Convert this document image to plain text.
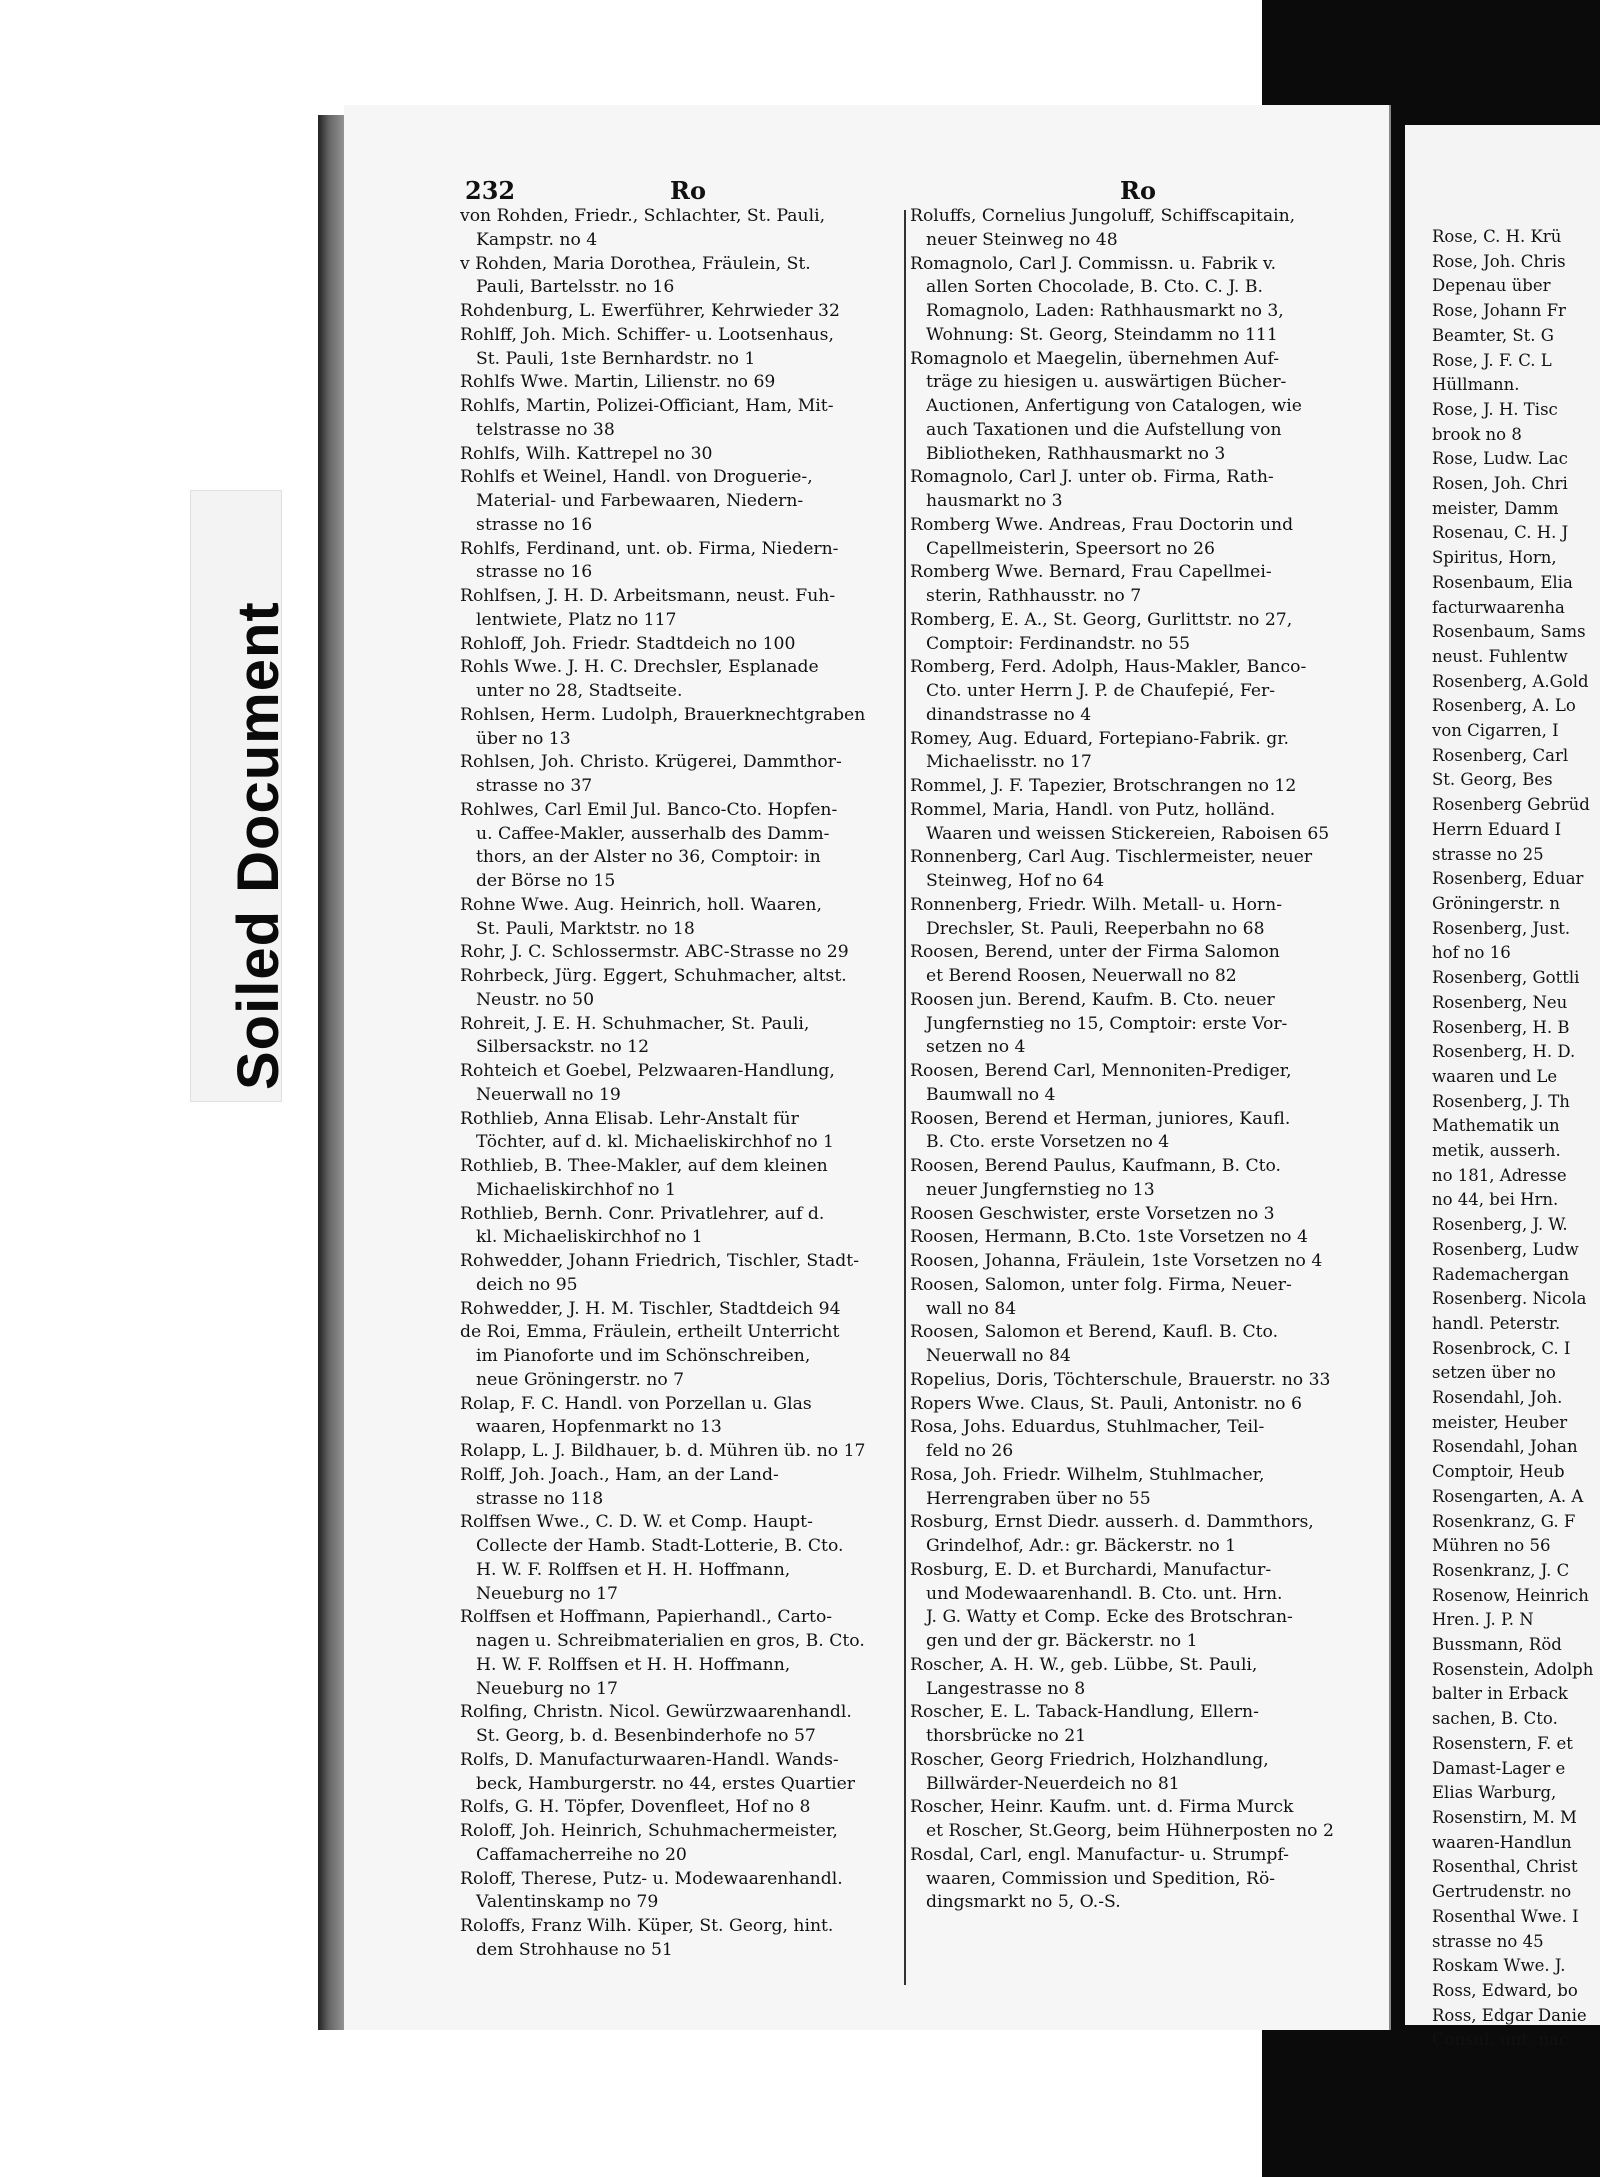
Soiled Document
232	Ro	Ro
von Rohden, Friedr., Schlachter, St. Pauli,
Kampstr. no 4
v Rohden, Maria Dorothea, Fräulein, St.
Pauli, Bartelsstr. no 16
Rohdenburg, L. Ewerführer, Kehrwieder 32
Rohlff, Joh. Mich. Schiffer- u. Lootsenhaus,
St. Pauli, 1ste Bernhardstr. no 1
Rohlfs Wwe. Martin, Lilienstr. no 69
Rohlfs, Martin, Polizei-Officiant, Ham, Mit-
telstrasse no 38
Rohlfs, Wilh. Kattrepel no 30
Rohlfs et Weinel, Handl. von Droguerie-,
Material- und Farbewaaren, Niedern-
strasse no 16
Rohlfs, Ferdinand, unt. ob. Firma, Niedern-
strasse no 16
Rohlfsen, J. H. D. Arbeitsmann, neust. Fuh-
lentwiete, Platz no 117
Rohloff, Joh. Friedr. Stadtdeich no 100
Rohls Wwe. J. H. C. Drechsler, Esplanade
unter no 28, Stadtseite.
Rohlsen, Herm. Ludolph, Brauerknechtgraben
über no 13
Rohlsen, Joh. Christo. Krügerei, Dammthor-
strasse no 37
Rohlwes, Carl Emil Jul. Banco-Cto. Hopfen-
u. Caffee-Makler, ausserhalb des Damm-
thors, an der Alster no 36, Comptoir: in
der Börse no 15
Rohne Wwe. Aug. Heinrich, holl. Waaren,
St. Pauli, Marktstr. no 18
Rohr, J. C. Schlossermstr. ABC-Strasse no 29
Rohrbeck, Jürg. Eggert, Schuhmacher, altst.
Neustr. no 50
Rohreit, J. E. H. Schuhmacher, St. Pauli,
Silbersackstr. no 12
Rohteich et Goebel, Pelzwaaren-Handlung,
Neuerwall no 19
Rothlieb, Anna Elisab. Lehr-Anstalt für
Töchter, auf d. kl. Michaeliskirchhof no 1
Rothlieb, B. Thee-Makler, auf dem kleinen
Michaeliskirchhof no 1
Rothlieb, Bernh. Conr. Privatlehrer, auf d.
kl. Michaeliskirchhof no 1
Rohwedder, Johann Friedrich, Tischler, Stadt-
deich no 95
Rohwedder, J. H. M. Tischler, Stadtdeich 94
de Roi, Emma, Fräulein, ertheilt Unterricht
im Pianoforte und im Schönschreiben,
neue Gröningerstr. no 7
Rolap, F. C. Handl. von Porzellan u. Glas
waaren, Hopfenmarkt no 13
Rolapp, L. J. Bildhauer, b. d. Mühren üb. no 17
Rolff, Joh. Joach., Ham, an der Land-
strasse no 118
Rolffsen Wwe., C. D. W. et Comp. Haupt-
Collecte der Hamb. Stadt-Lotterie, B. Cto.
H. W. F. Rolffsen et H. H. Hoffmann,
Neueburg no 17
Rolffsen et Hoffmann, Papierhandl., Carto-
nagen u. Schreibmaterialien en gros, B. Cto.
H. W. F. Rolffsen et H. H. Hoffmann,
Neueburg no 17
Rolfing, Christn. Nicol. Gewürzwaarenhandl.
St. Georg, b. d. Besenbinderhofe no 57
Rolfs, D. Manufacturwaaren-Handl. Wands-
beck, Hamburgerstr. no 44, erstes Quartier
Rolfs, G. H. Töpfer, Dovenfleet, Hof no 8
Roloff, Joh. Heinrich, Schuhmachermeister,
Caffamacherreihe no 20
Roloff, Therese, Putz- u. Modewaarenhandl.
Valentinskamp no 79
Roloffs, Franz Wilh. Küper, St. Georg, hint.
dem Strohhause no 51
Roluffs, Cornelius Jungoluff, Schiffscapitain,
neuer Steinweg no 48
Romagnolo, Carl J. Commissn. u. Fabrik v.
allen Sorten Chocolade, B. Cto. C. J. B.
Romagnolo, Laden: Rathhausmarkt no 3,
Wohnung: St. Georg, Steindamm no 111
Romagnolo et Maegelin, übernehmen Auf-
träge zu hiesigen u. auswärtigen Bücher-
Auctionen, Anfertigung von Catalogen, wie
auch Taxationen und die Aufstellung von
Bibliotheken, Rathhausmarkt no 3
Romagnolo, Carl J. unter ob. Firma, Rath-
hausmarkt no 3
Romberg Wwe. Andreas, Frau Doctorin und
Capellmeisterin, Speersort no 26
Romberg Wwe. Bernard, Frau Capellmei-
sterin, Rathhausstr. no 7
Romberg, E. A., St. Georg, Gurlittstr. no 27,
Comptoir: Ferdinandstr. no 55
Romberg, Ferd. Adolph, Haus-Makler, Banco-
Cto. unter Herrn J. P. de Chaufepié, Fer-
dinandstrasse no 4
Romey, Aug. Eduard, Fortepiano-Fabrik. gr.
Michaelisstr. no 17
Rommel, J. F. Tapezier, Brotschrangen no 12
Rommel, Maria, Handl. von Putz, holländ.
Waaren und weissen Stickereien, Raboisen 65
Ronnenberg, Carl Aug. Tischlermeister, neuer
Steinweg, Hof no 64
Ronnenberg, Friedr. Wilh. Metall- u. Horn-
Drechsler, St. Pauli, Reeperbahn no 68
Roosen, Berend, unter der Firma Salomon
et Berend Roosen, Neuerwall no 82
Roosen jun. Berend, Kaufm. B. Cto. neuer
Jungfernstieg no 15, Comptoir: erste Vor-
setzen no 4
Roosen, Berend Carl, Mennoniten-Prediger,
Baumwall no 4
Roosen, Berend et Herman, juniores, Kaufl.
B. Cto. erste Vorsetzen no 4
Roosen, Berend Paulus, Kaufmann, B. Cto.
neuer Jungfernstieg no 13
Roosen Geschwister, erste Vorsetzen no 3
Roosen, Hermann, B.Cto. 1ste Vorsetzen no 4
Roosen, Johanna, Fräulein, 1ste Vorsetzen no 4
Roosen, Salomon, unter folg. Firma, Neuer-
wall no 84
Roosen, Salomon et Berend, Kaufl. B. Cto.
Neuerwall no 84
Ropelius, Doris, Töchterschule, Brauerstr. no 33
Ropers Wwe. Claus, St. Pauli, Antonistr. no 6
Rosa, Johs. Eduardus, Stuhlmacher, Teil-
feld no 26
Rosa, Joh. Friedr. Wilhelm, Stuhlmacher,
Herrengraben über no 55
Rosburg, Ernst Diedr. ausserh. d. Dammthors,
Grindelhof, Adr.: gr. Bäckerstr. no 1
Rosburg, E. D. et Burchardi, Manufactur-
und Modewaarenhandl. B. Cto. unt. Hrn.
J. G. Watty et Comp. Ecke des Brotschran-
gen und der gr. Bäckerstr. no 1
Roscher, A. H. W., geb. Lübbe, St. Pauli,
Langestrasse no 8
Roscher, E. L. Taback-Handlung, Ellern-
thorsbrücke no 21
Roscher, Georg Friedrich, Holzhandlung,
Billwärder-Neuerdeich no 81
Roscher, Heinr. Kaufm. unt. d. Firma Murck
et Roscher, St.Georg, beim Hühnerposten no 2
Rosdal, Carl, engl. Manufactur- u. Strumpf-
waaren, Commission und Spedition, Rö-
dingsmarkt no 5, O.-S.
Rose, C. H. Krü
Rose, Joh. Chris
Depenau über
Rose, Johann Fr
Beamter, St. G
Rose, J. F. C. L
Hüllmann.
Rose, J. H. Tisc
brook no 8
Rose, Ludw. Lac
Rosen, Joh. Chri
meister, Damm
Rosenau, C. H. J
Spiritus, Horn,
Rosenbaum, Elia
facturwaarenha
Rosenbaum, Sams
neust. Fuhlentw
Rosenberg, A.Gold
Rosenberg, A. Lo
von Cigarren, I
Rosenberg, Carl
St. Georg, Bes
Rosenberg Gebrüd
Herrn Eduard I
strasse no 25
Rosenberg, Eduar
Gröningerstr. n
Rosenberg, Just.
hof no 16
Rosenberg, Gottli
Rosenberg, Neu
Rosenberg, H. B
Rosenberg, H. D.
waaren und Le
Rosenberg, J. Th
Mathematik un
metik, ausserh.
no 181, Adresse
no 44, bei Hrn.
Rosenberg, J. W.
Rosenberg, Ludw
Rademachergan
Rosenberg. Nicola
handl. Peterstr.
Rosenbrock, C. I
setzen über no
Rosendahl, Joh.
meister, Heuber
Rosendahl, Johan
Comptoir, Heub
Rosengarten, A. A
Rosenkranz, G. F
Mühren no 56
Rosenkranz, J. C
Rosenow, Heinrich
Hren. J. P. N
Bussmann, Röd
Rosenstein, Adolph
balter in Erback
sachen, B. Cto.
Rosenstern, F. et
Damast-Lager e
Elias Warburg,
Rosenstirn, M. M
waaren-Handlun
Rosenthal, Christ
Gertrudenstr. no
Rosenthal Wwe. I
strasse no 45
Roskam Wwe. J.
Ross, Edward, bo
Ross, Edgar Danie
Consul, unt. nac
